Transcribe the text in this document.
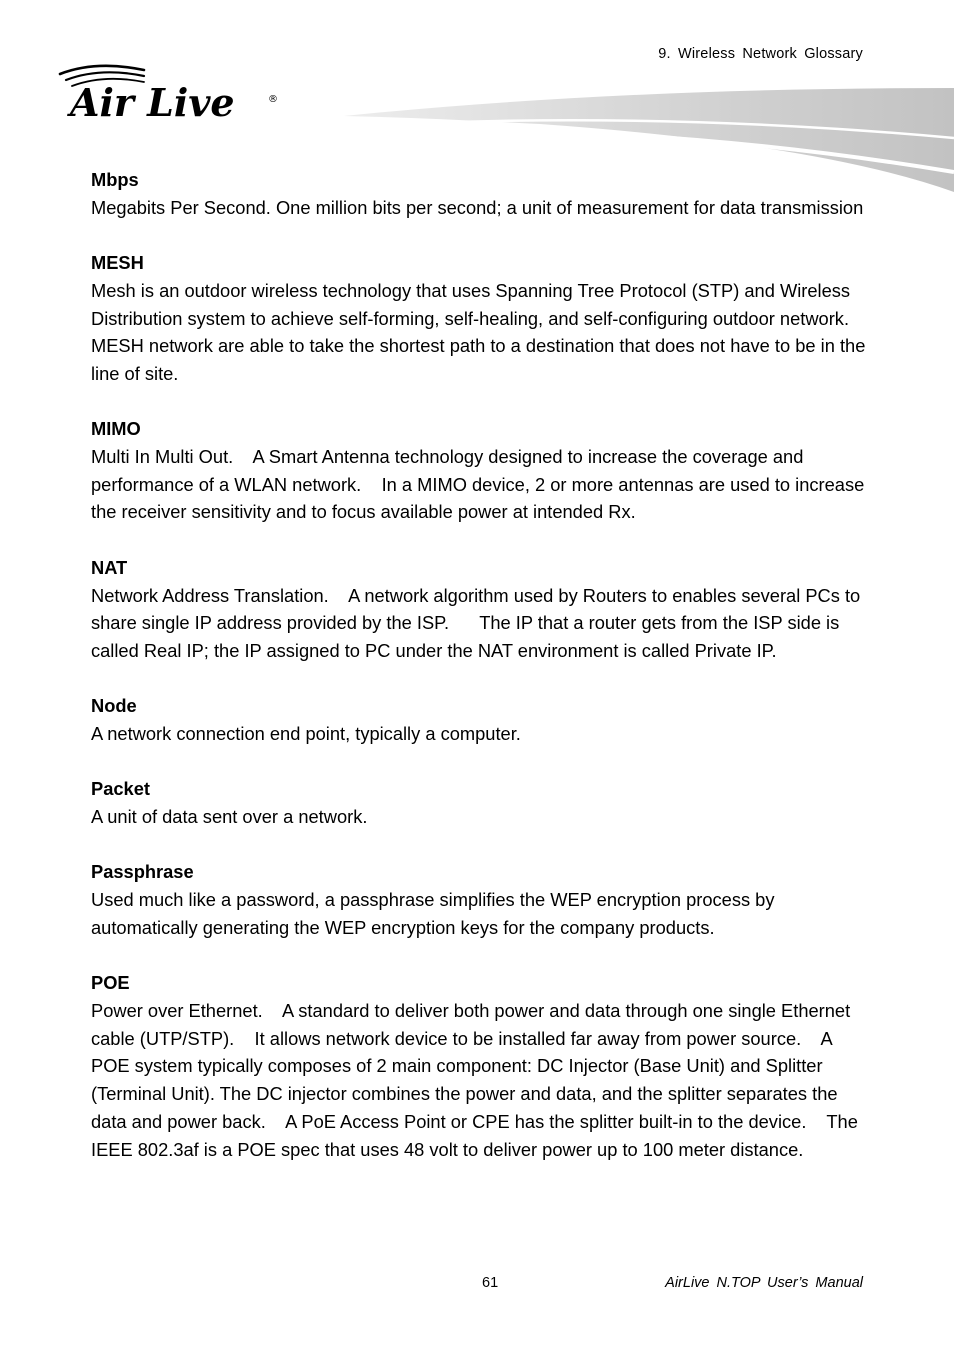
9. Wireless Network Glossary
Air Live	®
Mbps
Megabits Per Second. One million bits per second; a unit of measurement for data transmission
MESH
Mesh is an outdoor wireless technology that uses Spanning Tree Protocol (STP) and Wireless Distribution system to achieve self-forming, self-healing, and self-configuring outdoor network.    MESH network are able to take the shortest path to a destination that does not have to be in the line of site.
MIMO
Multi In Multi Out.    A Smart Antenna technology designed to increase the coverage and performance of a WLAN network.    In a MIMO device, 2 or more antennas are used to increase the receiver sensitivity and to focus available power at intended Rx.
NAT
Network Address Translation.    A network algorithm used by Routers to enables several PCs to share single IP address provided by the ISP.      The IP that a router gets from the ISP side is called Real IP; the IP assigned to PC under the NAT environment is called Private IP.
Node
A network connection end point, typically a computer.
Packet
A unit of data sent over a network.
Passphrase
Used much like a password, a passphrase simplifies the WEP encryption process by automatically generating the WEP encryption keys for the company products.
POE
Power over Ethernet.    A standard to deliver both power and data through one single Ethernet cable (UTP/STP).    It allows network device to be installed far away from power source.    A POE system typically composes of 2 main component: DC Injector (Base Unit) and Splitter (Terminal Unit). The DC injector combines the power and data, and the splitter separates the data and power back.    A PoE Access Point or CPE has the splitter built-in to the device.    The IEEE 802.3af is a POE spec that uses 48 volt to deliver power up to 100 meter distance.
61	AirLive N.TOP User’s Manual
